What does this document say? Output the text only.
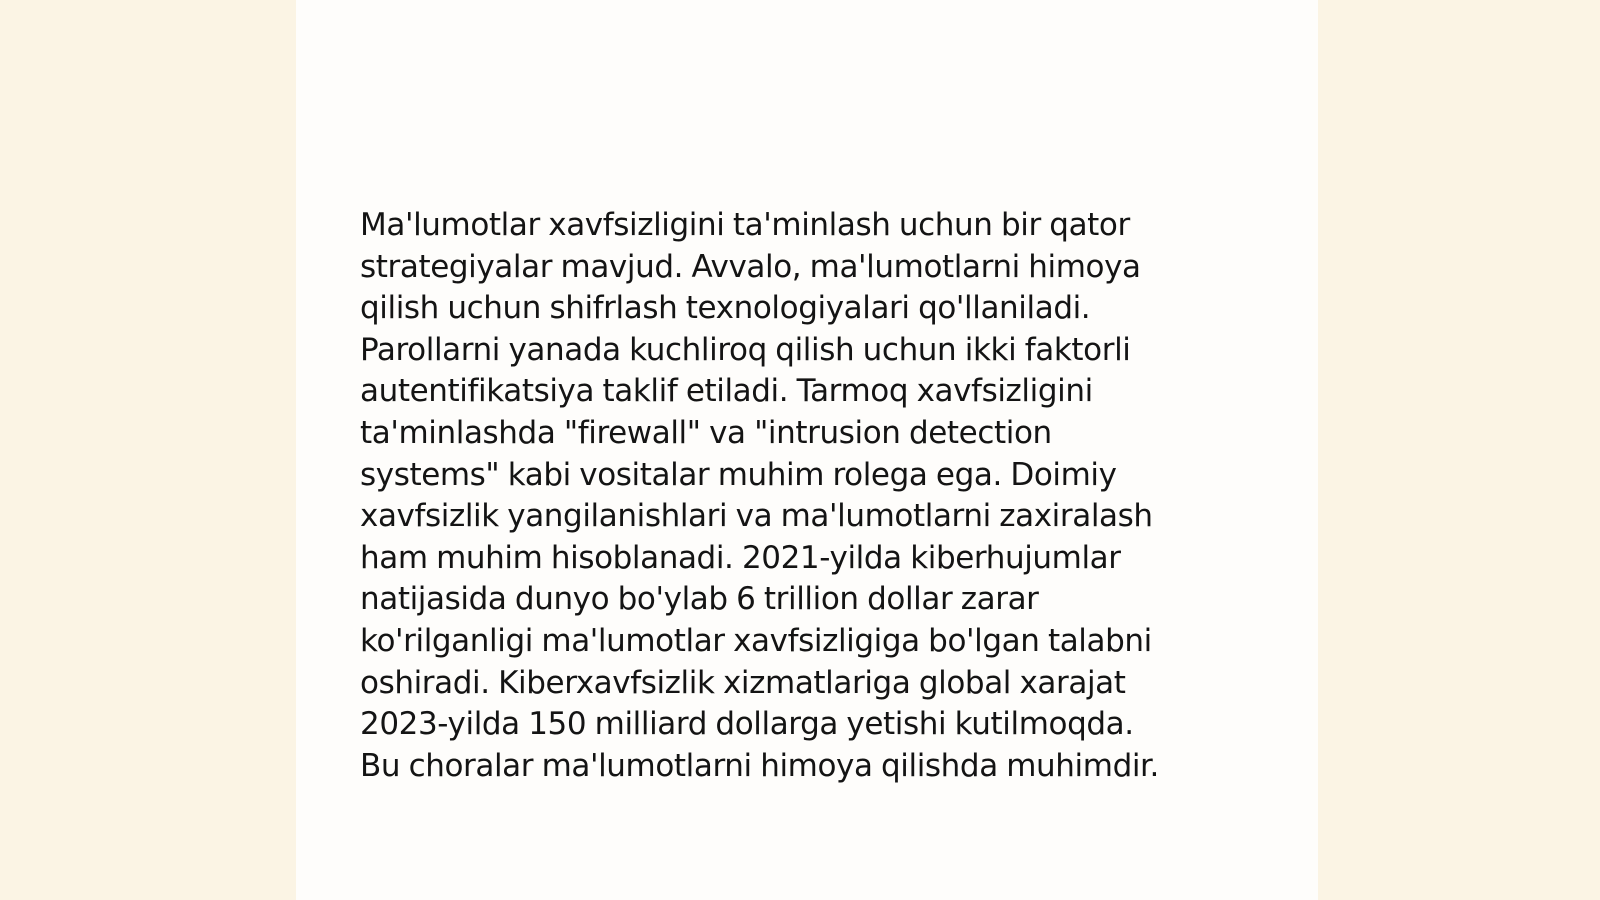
Ma'lumotlar xavfsizligini ta'minlash uchun bir qator
strategiyalar mavjud. Avvalo, ma'lumotlarni himoya
qilish uchun shifrlash texnologiyalari qo'llaniladi.
Parollarni yanada kuchliroq qilish uchun ikki faktorli
autentifikatsiya taklif etiladi. Tarmoq xavfsizligini
ta'minlashda "firewall" va "intrusion detection
systems" kabi vositalar muhim rolega ega. Doimiy
xavfsizlik yangilanishlari va ma'lumotlarni zaxiralash
ham muhim hisoblanadi. 2021-yilda kiberhujumlar
natijasida dunyo bo'ylab 6 trillion dollar zarar
ko'rilganligi ma'lumotlar xavfsizligiga bo'lgan talabni
oshiradi. Kiberxavfsizlik xizmatlariga global xarajat
2023-yilda 150 milliard dollarga yetishi kutilmoqda.
Bu choralar ma'lumotlarni himoya qilishda muhimdir.
